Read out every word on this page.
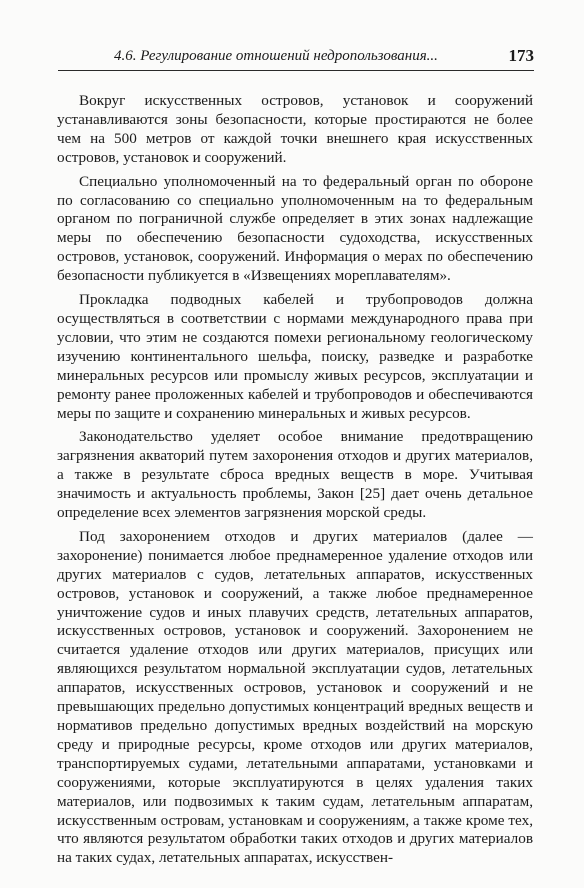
4.6. Регулирование отношений недропользования...	173

Вокруг искусственных островов, установок и сооружений устанавливаются зоны безопасности, которые простираются не более чем на 500 метров от каждой точки внешнего края искусственных островов, установок и сооружений.

Специально уполномоченный на то федеральный орган по обороне по согласованию со специально уполномоченным на то федеральным органом по пограничной службе определяет в этих зонах надлежащие меры по обеспечению безопасности судоходства, искусственных островов, установок, сооружений. Информация о мерах по обеспечению безопасности публикуется в «Извещениях мореплавателям».

Прокладка подводных кабелей и трубопроводов должна осуществляться в соответствии с нормами международного права при условии, что этим не создаются помехи региональному геологическому изучению континентального шельфа, поиску, разведке и разработке минеральных ресурсов или промыслу живых ресурсов, эксплуатации и ремонту ранее проложенных кабелей и трубопроводов и обеспечиваются меры по защите и сохранению минеральных и живых ресурсов.

Законодательство уделяет особое внимание предотвращению загрязнения акваторий путем захоронения отходов и других материалов, а также в результате сброса вредных веществ в море. Учитывая значимость и актуальность проблемы, Закон [25] дает очень детальное определение всех элементов загрязнения морской среды.

Под захоронением отходов и других материалов (далее — захоронение) понимается любое преднамеренное удаление отходов или других материалов с судов, летательных аппаратов, искусственных островов, установок и сооружений, а также любое преднамеренное уничтожение судов и иных плавучих средств, летательных аппаратов, искусственных островов, установок и сооружений. Захоронением не считается удаление отходов или других материалов, присущих или являющихся результатом нормальной эксплуатации судов, летательных аппаратов, искусственных островов, установок и сооружений и не превышающих предельно допустимых концентраций вредных веществ и нормативов предельно допустимых вредных воздействий на морскую среду и природные ресурсы, кроме отходов или других материалов, транспортируемых судами, летательными аппаратами, установками и сооружениями, которые эксплуатируются в целях удаления таких материалов, или подвозимых к таким судам, летательным аппаратам, искусственным островам, установкам и сооружениям, а также кроме тех, что являются результатом обработки таких отходов и других материалов на таких судах, летательных аппаратах, искусствен-
